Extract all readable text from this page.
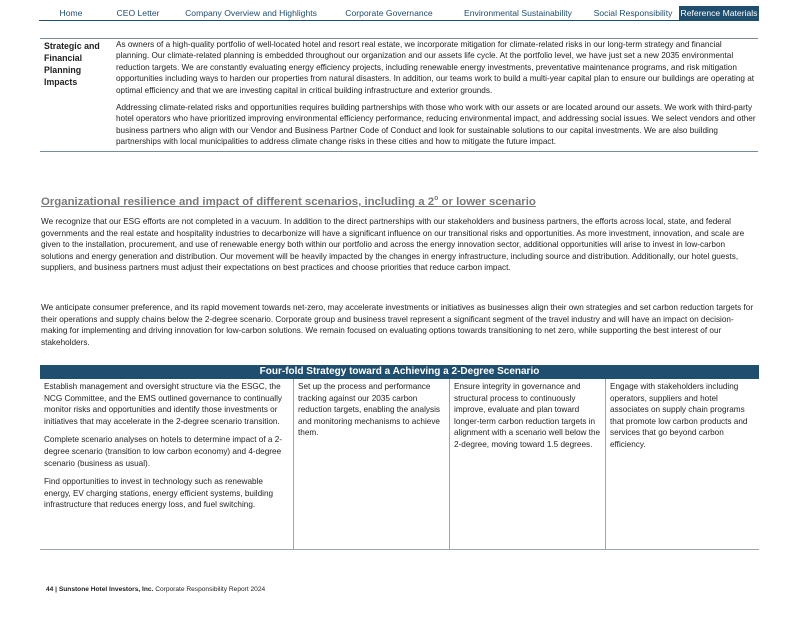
Home	CEO Letter	Company Overview and Highlights	Corporate Governance	Environmental Sustainability	Social Responsibility Reference Materials
Strategic and Financial Planning Impacts

As owners of a high-quality portfolio of well-located hotel and resort real estate, we incorporate mitigation for climate-related risks in our long-term strategy and financial planning. Our climate-related planning is embedded throughout our organization and our assets life cycle. At the portfolio level, we have just set a new 2035 environmental reduction targets. We are constantly evaluating energy efficiency projects, including renewable energy investments, preventative maintenance programs, and risk mitigation opportunities including ways to harden our properties from natural disasters. In addition, our teams work to build a multi-year capital plan to ensure our buildings are operating at optimal efficiency and that we are investing capital in critical building infrastructure and exterior grounds.

Addressing climate-related risks and opportunities requires building partnerships with those who work with our assets or are located around our assets. We work with third-party hotel operators who have prioritized improving environmental efficiency performance, reducing environmental impact, and addressing social issues. We select vendors and other business partners who align with our Vendor and Business Partner Code of Conduct and look for sustainable solutions to our capital investments. We are also building partnerships with local municipalities to address climate change risks in these cities and how to mitigate the future impact.

Organizational resilience and impact of different scenarios, including a 2$^o$ or lower scenario

We recognize that our ESG efforts are not completed in a vacuum. In addition to the direct partnerships with our stakeholders and business partners, the efforts across local, state, and federal governments and the real estate and hospitality industries to decarbonize will have a significant influence on our transitional risks and opportunities. As more investment, innovation, and scale are given to the installation, procurement, and use of renewable energy both within our portfolio and across the energy innovation sector, additional opportunities will arise to invest in low-carbon solutions and energy generation and distribution. Our movement will be heavily impacted by the changes in energy infrastructure, including source and distribution. Additionally, our hotel guests, suppliers, and business partners must adjust their expectations on best practices and choose priorities that reduce carbon impact.

We anticipate consumer preference, and its rapid movement towards net-zero, may accelerate investments or initiatives as businesses align their own strategies and set carbon reduction targets for their operations and supply chains below the 2-degree scenario. Corporate group and business travel represent a significant segment of the travel industry and will have an impact on decision-making for implementing and driving innovation for low-carbon solutions. We remain focused on evaluating options towards transitioning to net zero, while supporting the best interest of our stakeholders.

Four-fold Strategy toward a Achieving a 2-Degree Scenario

Establish management and oversight structure via the ESGC, the NCG Committee, and the EMS outlined governance to continually monitor risks and opportunities and identify those investments or initiatives that may accelerate in the 2-degree scenario transition.

Complete scenario analyses on hotels to determine impact of a 2-degree scenario (transition to low carbon economy) and 4-degree scenario (business as usual).

Find opportunities to invest in technology such as renewable energy, EV charging stations, energy efficient systems, building infrastructure that reduces energy loss, and fuel switching.

Set up the process and performance tracking against our 2035 carbon reduction targets, enabling the analysis and monitoring mechanisms to achieve them.

Ensure integrity in governance and structural process to continuously improve, evaluate and plan toward longer-term carbon reduction targets in alignment with a scenario well below the 2-degree, moving toward 1.5 degrees.

Engage with stakeholders including operators, suppliers and hotel associates on supply chain programs that promote low carbon products and services that go beyond carbon efficiency.

44 | Sunstone Hotel Investors, Inc. Corporate Responsibility Report 2024
